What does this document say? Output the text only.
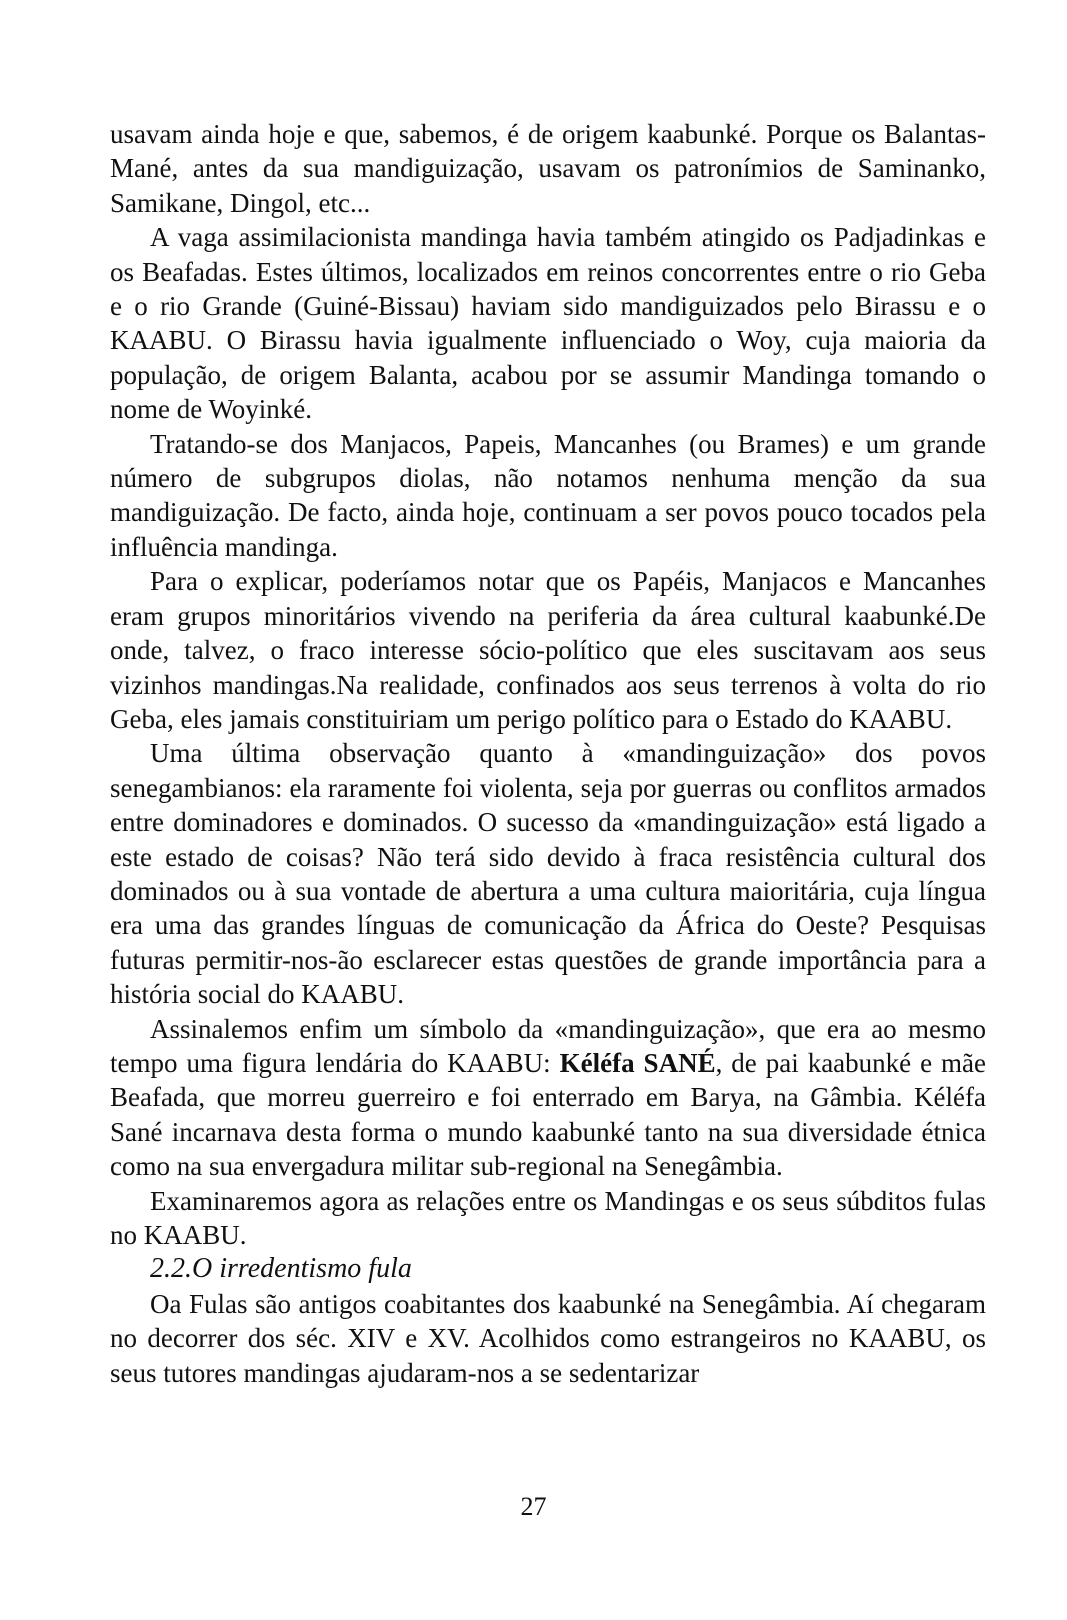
usavam ainda hoje e que, sabemos, é de origem kaabunké. Porque os Balantas-Mané, antes da sua mandiguização, usavam os patronímios de Saminanko, Samikane, Dingol, etc...

A vaga assimilacionista mandinga havia também atingido os Padjadinkas e os Beafadas. Estes últimos, localizados em reinos concorrentes entre o rio Geba e o rio Grande (Guiné-Bissau) haviam sido mandiguizados pelo Birassu e o KAABU. O Birassu havia igualmente influenciado o Woy, cuja maioria da população, de origem Balanta, acabou por se assumir Mandinga tomando o nome de Woyinké.

Tratando-se dos Manjacos, Papeis, Mancanhes (ou Brames) e um grande número de subgrupos diolas, não notamos nenhuma menção da sua mandiguização. De facto, ainda hoje, continuam a ser povos pouco tocados pela influência mandinga.

Para o explicar, poderíamos notar que os Papéis, Manjacos e Mancanhes eram grupos minoritários vivendo na periferia da área cultural kaabunké.De onde, talvez, o fraco interesse sócio-político que eles suscitavam aos seus vizinhos mandingas.Na realidade, confinados aos seus terrenos à volta do rio Geba, eles jamais constituiriam um perigo político para o Estado do KAABU.

Uma última observação quanto à «mandinguização» dos povos senegambianos: ela raramente foi violenta, seja por guerras ou conflitos armados entre dominadores e dominados. O sucesso da «mandinguização» está ligado a este estado de coisas? Não terá sido devido à fraca resistência cultural dos dominados ou à sua vontade de abertura a uma cultura maioritária, cuja língua era uma das grandes línguas de comunicação da África do Oeste? Pesquisas futuras permitir-nos-ão esclarecer estas questões de grande importância para a história social do KAABU.

Assinalemos enfim um símbolo da «mandinguização», que era ao mesmo tempo uma figura lendária do KAABU: Kéléfa SANÉ, de pai kaabunké e mãe Beafada, que morreu guerreiro e foi enterrado em Barya, na Gâmbia. Kéléfa Sané incarnava desta forma o mundo kaabunké tanto na sua diversidade étnica como na sua envergadura militar sub-regional na Senegâmbia.

Examinaremos agora as relações entre os Mandingas e os seus súbditos fulas no KAABU.

2.2.O irredentismo fula

Oa Fulas são antigos coabitantes dos kaabunké na Senegâmbia. Aí chegaram no decorrer dos séc. XIV e XV. Acolhidos como estrangeiros no KAABU, os seus tutores mandingas ajudaram-nos a se sedentarizar

27
